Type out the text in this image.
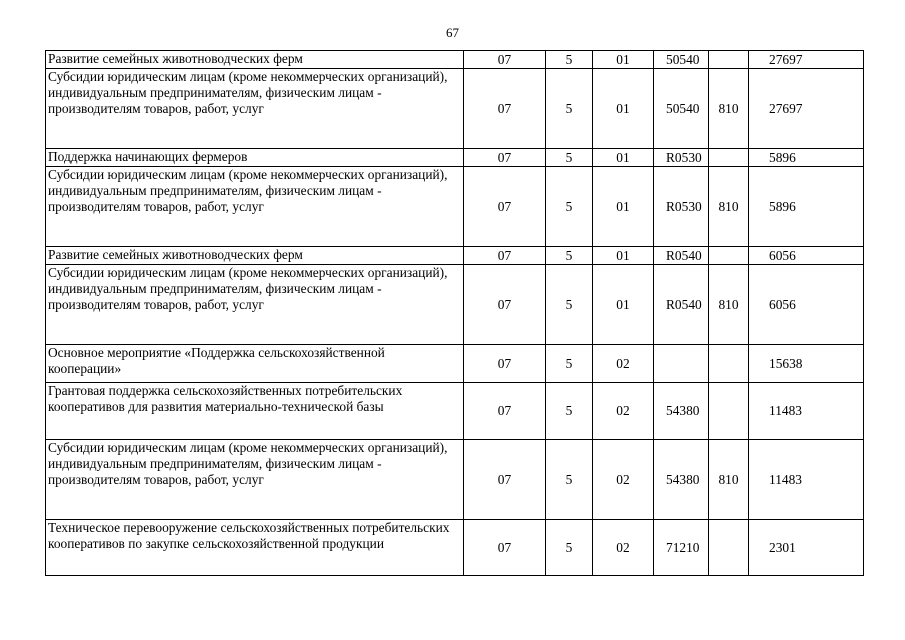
67
Развитие семейных животноводческих ферм	07	5	01	50540		27697
Субсидии юридическим лицам (кроме некоммерческих организаций), индивидуальным предпринимателям, физическим лицам - производителям товаров, работ, услуг	07	5	01	50540	810	27697
Поддержка начинающих фермеров	07	5	01	R0530		5896
Субсидии юридическим лицам (кроме некоммерческих организаций), индивидуальным предпринимателям, физическим лицам - производителям товаров, работ, услуг	07	5	01	R0530	810	5896
Развитие семейных животноводческих ферм	07	5	01	R0540		6056
Субсидии юридическим лицам (кроме некоммерческих организаций), индивидуальным предпринимателям, физическим лицам - производителям товаров, работ, услуг	07	5	01	R0540	810	6056
Основное мероприятие «Поддержка сельскохозяйственной кооперации»	07	5	02			15638
Грантовая поддержка сельскохозяйственных потребительских кооперативов для развития материально-технической базы	07	5	02	54380		11483
Субсидии юридическим лицам (кроме некоммерческих организаций), индивидуальным предпринимателям, физическим лицам - производителям товаров, работ, услуг	07	5	02	54380	810	11483
Техническое перевооружение сельскохозяйственных потребительских кооперативов по закупке сельскохозяйственной продукции	07	5	02	71210		2301
